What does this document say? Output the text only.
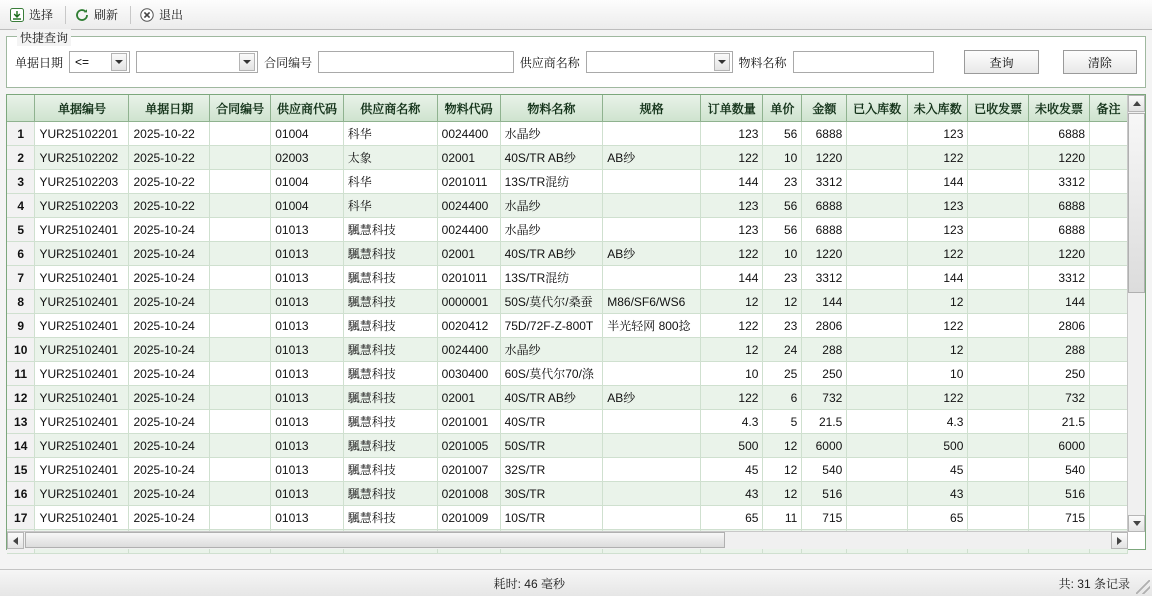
选择	刷新	退出
快捷查询
单据日期 <=	合同编号	供应商名称	物料名称	查询	清除
	单据编号	单据日期	合同编号	供应商代码	供应商名称	物料代码	物料名称	规格	订单数量	单价	金额	已入库数	未入库数	已收发票	未收发票	备注
1	YUR25102201	2025-10-22		01004	科华	0024400	水晶纱		123	56	6888		123		6888	
2	YUR25102202	2025-10-22		02003	太象	02001	40S/TR AB纱	AB纱	122	10	1220		122		1220	
3	YUR25102203	2025-10-22		01004	科华	0201011	13S/TR混纺		144	23	3312		144		3312	
4	YUR25102203	2025-10-22		01004	科华	0024400	水晶纱		123	56	6888		123		6888	
5	YUR25102401	2025-10-24		01013	颿慧科技	0024400	水晶纱		123	56	6888		123		6888	
6	YUR25102401	2025-10-24		01013	颿慧科技	02001	40S/TR AB纱	AB纱	122	10	1220		122		1220	
7	YUR25102401	2025-10-24		01013	颿慧科技	0201011	13S/TR混纺		144	23	3312		144		3312	
8	YUR25102401	2025-10-24		01013	颿慧科技	0000001	50S/莫代尔/桑蚕	M86/SF6/WS6	12	12	144		12		144	
9	YUR25102401	2025-10-24		01013	颿慧科技	0020412	75D/72F-Z-800T	半光轻网 800捻	122	23	2806		122		2806	
10	YUR25102401	2025-10-24		01013	颿慧科技	0024400	水晶纱		12	24	288		12		288	
11	YUR25102401	2025-10-24		01013	颿慧科技	0030400	60S/莫代尔70/涤		10	25	250		10		250	
12	YUR25102401	2025-10-24		01013	颿慧科技	02001	40S/TR AB纱	AB纱	122	6	732		122		732	
13	YUR25102401	2025-10-24		01013	颿慧科技	0201001	40S/TR		4.3	5	21.5		4.3		21.5	
14	YUR25102401	2025-10-24		01013	颿慧科技	0201005	50S/TR		500	12	6000		500		6000	
15	YUR25102401	2025-10-24		01013	颿慧科技	0201007	32S/TR		45	12	540		45		540	
16	YUR25102401	2025-10-24		01013	颿慧科技	0201008	30S/TR		43	12	516		43		516	
17	YUR25102401	2025-10-24		01013	颿慧科技	0201009	10S/TR		65	11	715		65		715	

耗时: 46 毫秒	共: 31 条记录
